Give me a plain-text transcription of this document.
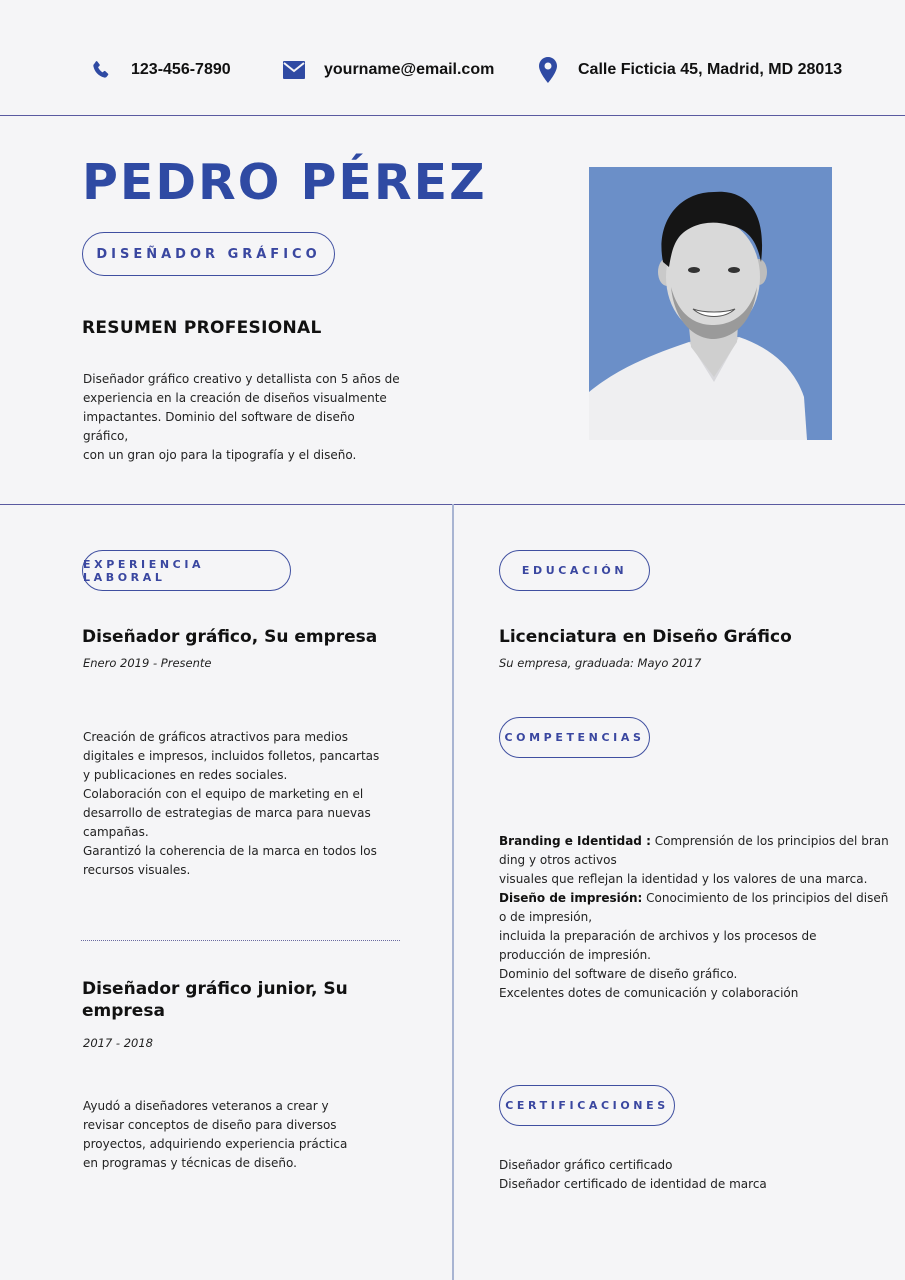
123-456-7890	yourname@email.com	Calle Ficticia 45, Madrid, MD 28013
PEDRO PÉREZ
DISEÑADOR GRÁFICO
RESUMEN PROFESIONAL
Diseñador gráfico creativo y detallista con 5 años de
experiencia en la creación de diseños visualmente
impactantes. Dominio del software de diseño gráfico,
con un gran ojo para la tipografía y el diseño.
EXPERIENCIA LABORAL
Diseñador gráfico, Su empresa
Enero 2019 - Presente
Creación de gráficos atractivos para medios
digitales e impresos, incluidos folletos, pancartas
y publicaciones en redes sociales.
Colaboración con el equipo de marketing en el
desarrollo de estrategias de marca para nuevas
campañas.
Garantizó la coherencia de la marca en todos los
recursos visuales.
Diseñador gráfico junior, Su
empresa
2017 - 2018
Ayudó a diseñadores veteranos a crear y
revisar conceptos de diseño para diversos
proyectos, adquiriendo experiencia práctica
en programas y técnicas de diseño.
EDUCACIÓN
Licenciatura en Diseño Gráfico
Su empresa, graduada: Mayo 2017
COMPETENCIAS
Branding e Identidad : Comprensión de los principios del bran
ding y otros activos
visuales que reflejan la identidad y los valores de una marca.
Diseño de impresión: Conocimiento de los principios del diseñ
o de impresión,
incluida la preparación de archivos y los procesos de
producción de impresión.
Dominio del software de diseño gráfico.
Excelentes dotes de comunicación y colaboración
CERTIFICACIONES
Diseñador gráfico certificado
Diseñador certificado de identidad de marca
